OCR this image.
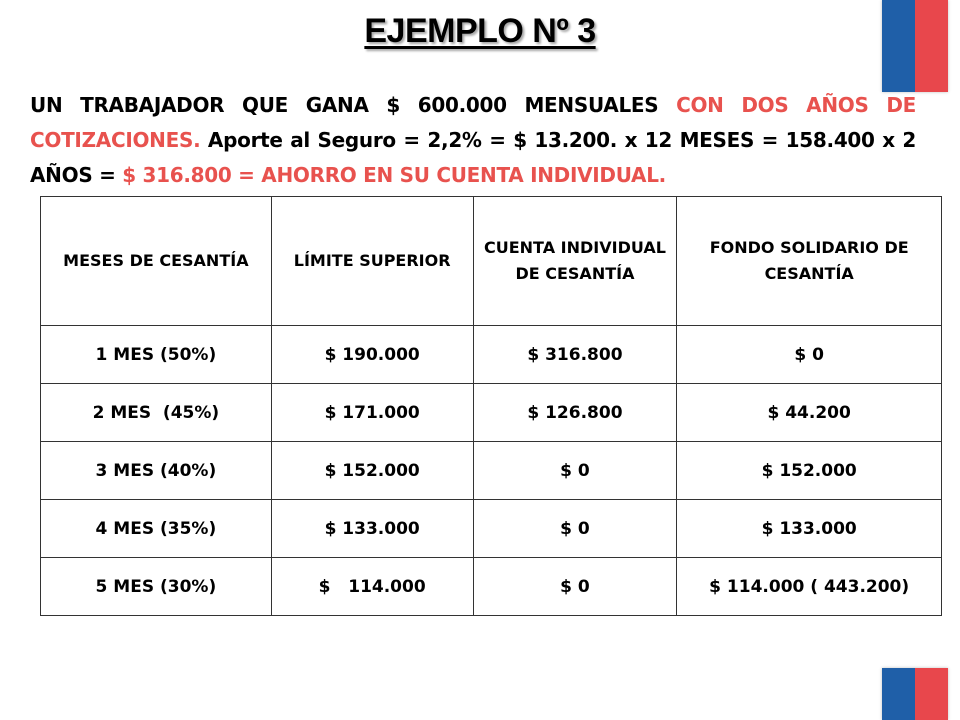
EJEMPLO Nº 3
UN TRABAJADOR QUE GANA $ 600.000 MENSUALES CON DOS AÑOS DE COTIZACIONES. Aporte al Seguro = 2,2% = $ 13.200. x 12 MESES = 158.400 x 2 AÑOS = $ 316.800 = AHORRO EN SU CUENTA INDIVIDUAL.
MESES DE CESANTÍA	LÍMITE SUPERIOR	CUENTA INDIVIDUAL DE CESANTÍA	FONDO SOLIDARIO DE CESANTÍA
1 MES (50%)	$ 190.000	$ 316.800	$ 0
2 MES  (45%)	$ 171.000	$ 126.800	$ 44.200
3 MES (40%)	$ 152.000	$ 0	$ 152.000
4 MES (35%)	$ 133.000	$ 0	$ 133.000
5 MES (30%)	$   114.000	$ 0	$ 114.000 ( 443.200)
